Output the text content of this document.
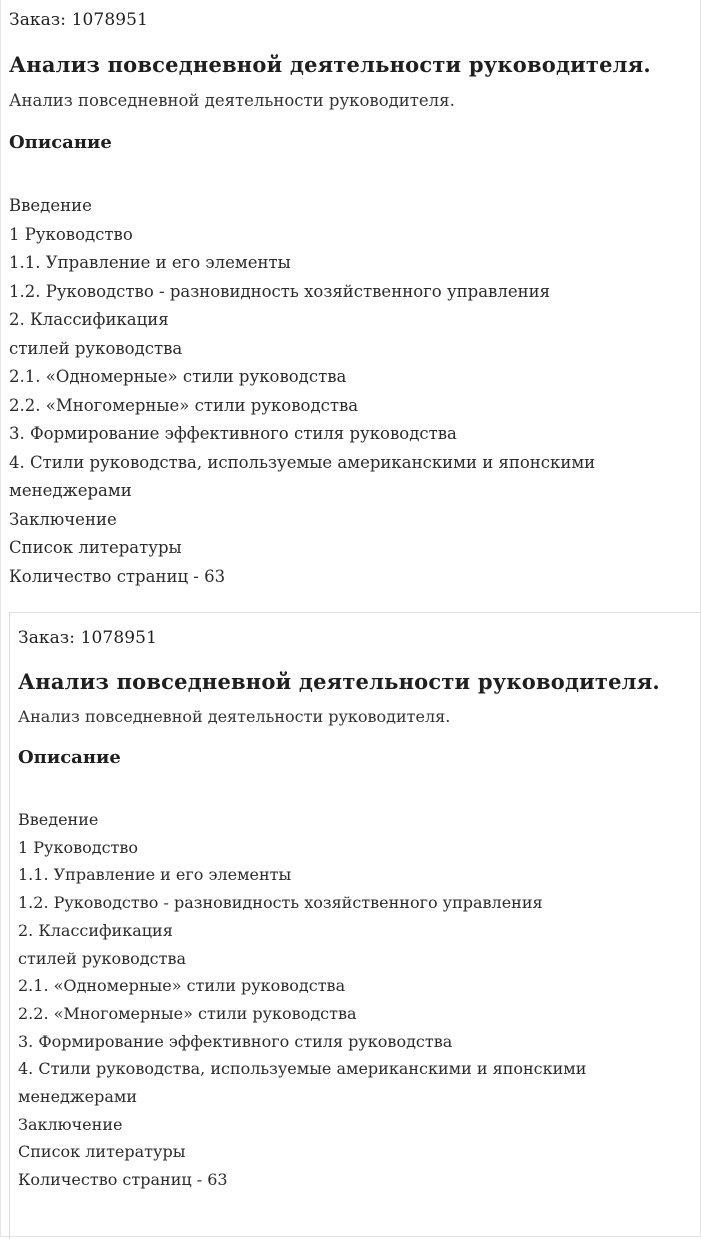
Заказ: 1078951
Анализ повседневной деятельности руководителя.
Анализ повседневной деятельности руководителя.
Описание
Введение
1 Руководство
1.1. Управление и его элементы
1.2. Руководство - разновидность хозяйственного управления
2. Классификация
стилей руководства
2.1. «Одномерные» стили руководства
2.2. «Многомерные» стили руководства
3. Формирование эффективного стиля руководства
4. Стили руководства, используемые американскими и японскими
менеджерами
Заключение
Список литературы
Количество страниц - 63
Заказ: 1078951
Анализ повседневной деятельности руководителя.
Анализ повседневной деятельности руководителя.
Описание
Введение
1 Руководство
1.1. Управление и его элементы
1.2. Руководство - разновидность хозяйственного управления
2. Классификация
стилей руководства
2.1. «Одномерные» стили руководства
2.2. «Многомерные» стили руководства
3. Формирование эффективного стиля руководства
4. Стили руководства, используемые американскими и японскими
менеджерами
Заключение
Список литературы
Количество страниц - 63
